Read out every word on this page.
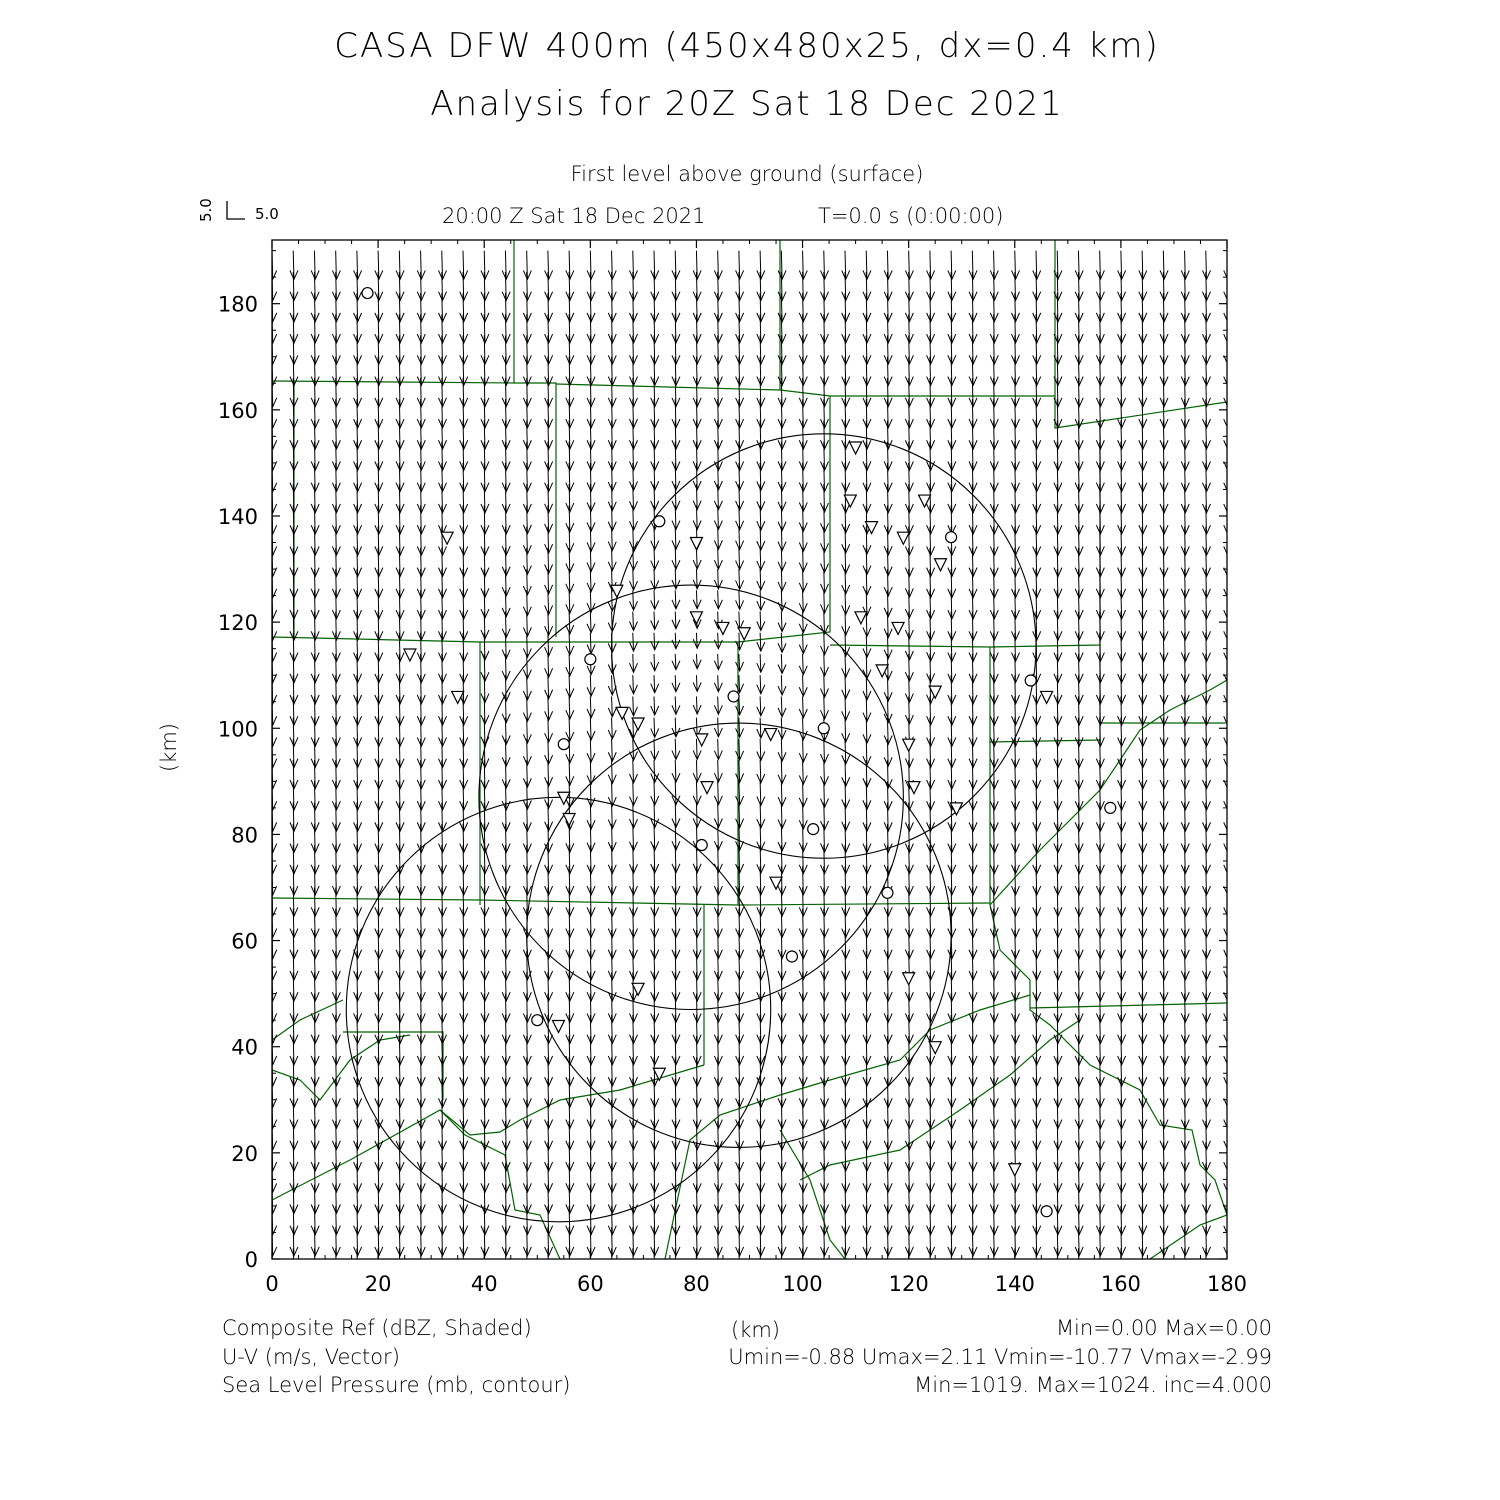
CASA DFW 400m (450x480x25, dx=0.4 km)
Analysis for 20Z Sat 18 Dec 2021
First level above ground (surface)
20:00 Z Sat 18 Dec 2021	T=0.0 s (0:00:00)
5.0
5.0
(km)
0	20	40	60	80	100	120	140	160	180
0
20
40
60
80
100
120
140
160
180
Composite Ref (dBZ, Shaded)
U-V (m/s, Vector)
Sea Level Pressure (mb, contour)
(km)	Min=0.00 Max=0.00
Umin=-0.88 Umax=2.11 Vmin=-10.77 Vmax=-2.99
Min=1019. Max=1024. inc=4.000
